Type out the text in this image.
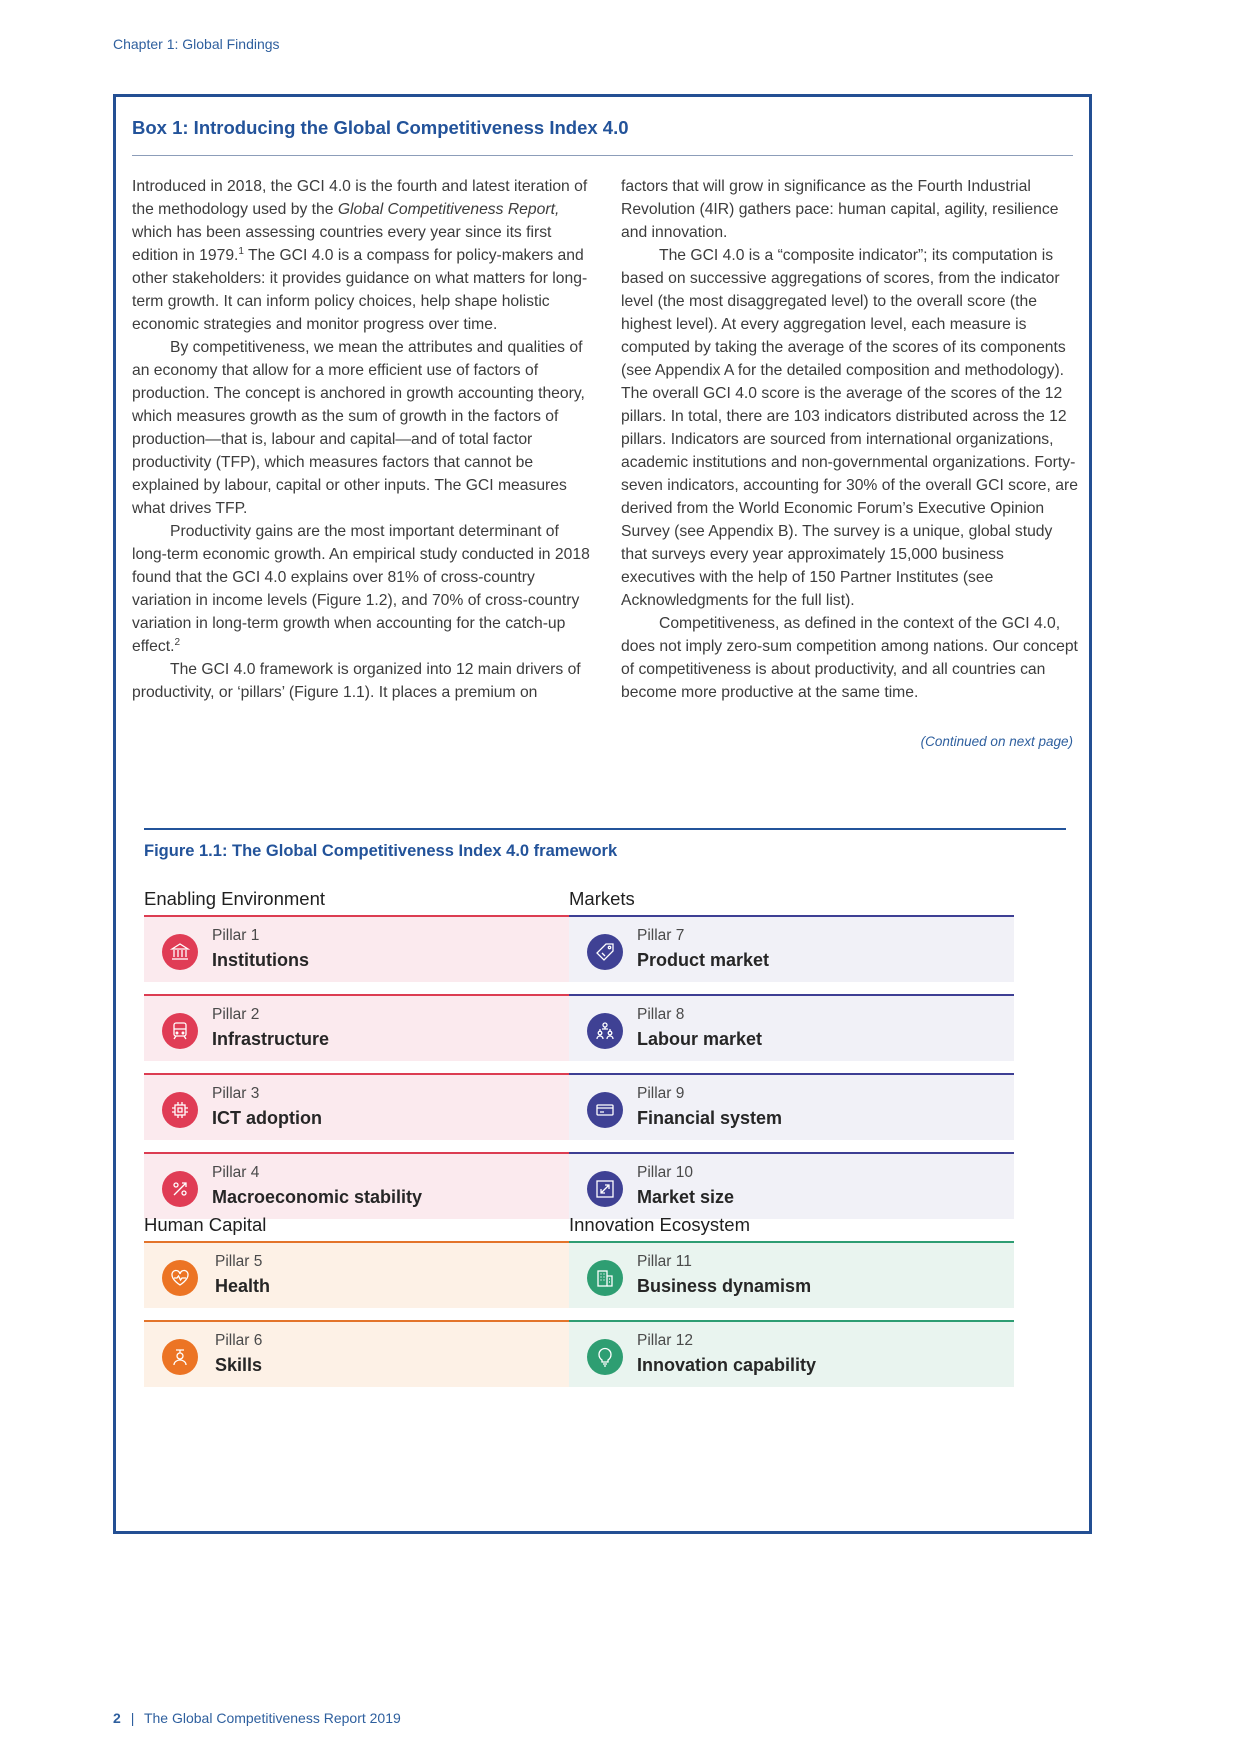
Chapter 1: Global Findings
Box 1: Introducing the Global Competitiveness Index 4.0

Introduced in 2018, the GCI 4.0 is the fourth and latest iteration of the methodology used by the Global Competitiveness Report, which has been assessing countries every year since its first edition in 1979.$^1$ The GCI 4.0 is a compass for policy-makers and other stakeholders: it provides guidance on what matters for long-term growth. It can inform policy choices, help shape holistic economic strategies and monitor progress over time.

By competitiveness, we mean the attributes and qualities of an economy that allow for a more efficient use of factors of production. The concept is anchored in growth accounting theory, which measures growth as the sum of growth in the factors of production—that is, labour and capital—and of total factor productivity (TFP), which measures factors that cannot be explained by labour, capital or other inputs. The GCI measures what drives TFP.

Productivity gains are the most important determinant of long-term economic growth. An empirical study conducted in 2018 found that the GCI 4.0 explains over 81% of cross-country variation in income levels (Figure 1.2), and 70% of cross-country variation in long-term growth when accounting for the catch-up effect.$^2$

The GCI 4.0 framework is organized into 12 main drivers of productivity, or ‘pillars’ (Figure 1.1). It places a premium on

factors that will grow in significance as the Fourth Industrial Revolution (4IR) gathers pace: human capital, agility, resilience and innovation.

The GCI 4.0 is a “composite indicator”; its computation is based on successive aggregations of scores, from the indicator level (the most disaggregated level) to the overall score (the highest level). At every aggregation level, each measure is computed by taking the average of the scores of its components (see Appendix A for the detailed composition and methodology). The overall GCI 4.0 score is the average of the scores of the 12 pillars. In total, there are 103 indicators distributed across the 12 pillars. Indicators are sourced from international organizations, academic institutions and non-governmental organizations. Forty-seven indicators, accounting for 30% of the overall GCI score, are derived from the World Economic Forum’s Executive Opinion Survey (see Appendix B). The survey is a unique, global study that surveys every year approximately 15,000 business executives with the help of 150 Partner Institutes (see Acknowledgments for the full list).

Competitiveness, as defined in the context of the GCI 4.0, does not imply zero-sum competition among nations. Our concept of competitiveness is about productivity, and all countries can become more productive at the same time.

(Continued on next page)
Figure 1.1: The Global Competitiveness Index 4.0 framework
Enabling Environment
Pillar 1
Institutions
Pillar 2
Infrastructure
Pillar 3
ICT adoption
Pillar 4
Macroeconomic stability
Markets
Pillar 7
Product market
Pillar 8
Labour market
Pillar 9
Financial system
Pillar 10
Market size
Human Capital
Pillar 5
Health
Pillar 6
Skills
Innovation Ecosystem
Pillar 11
Business dynamism
Pillar 12
Innovation capability
2 | The Global Competitiveness Report 2019
